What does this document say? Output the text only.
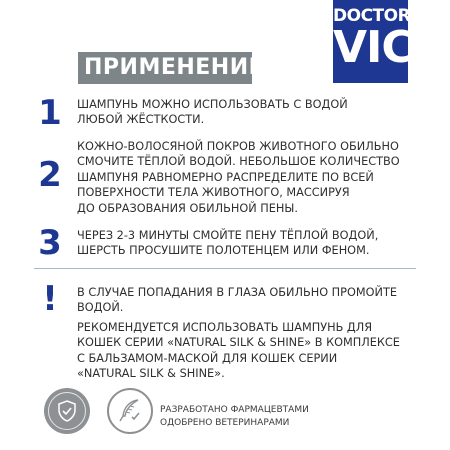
DOCTOR
VIC
ПРИМЕНЕНИЕ:
1 ШАМПУНЬ МОЖНО ИСПОЛЬЗОВАТЬ С ВОДОЙ
ЛЮБОЙ ЖЁСТКОСТИ.
2
КОЖНО-ВОЛОСЯНОЙ ПОКРОВ ЖИВОТНОГО ОБИЛЬНО
СМОЧИТЕ ТЁПЛОЙ ВОДОЙ. НЕБОЛЬШОЕ КОЛИЧЕСТВО
ШАМПУНЯ РАВНОМЕРНО РАСПРЕДЕЛИТЕ ПО ВСЕЙ
ПОВЕРХНОСТИ ТЕЛА ЖИВОТНОГО, МАССИРУЯ
ДО ОБРАЗОВАНИЯ ОБИЛЬНОЙ ПЕНЫ.
3 ЧЕРЕЗ 2-3 МИНУТЫ СМОЙТЕ ПЕНУ ТЁПЛОЙ ВОДОЙ,
ШЕРСТЬ ПРОСУШИТЕ ПОЛОТЕНЦЕМ ИЛИ ФЕНОМ.
!	В СЛУЧАЕ ПОПАДАНИЯ В ГЛАЗА ОБИЛЬНО ПРОМОЙТЕ
ВОДОЙ.
РЕКОМЕНДУЕТСЯ ИСПОЛЬЗОВАТЬ ШАМПУНЬ ДЛЯ
КОШЕК СЕРИИ «NATURAL SILK & SHINE» В КОМПЛЕКСЕ
С БАЛЬЗАМОМ-МАСКОЙ ДЛЯ КОШЕК СЕРИИ
«NATURAL SILK & SHINE».
РАЗРАБОТАНО ФАРМАЦЕВТАМИ
ОДОБРЕНО ВЕТЕРИНАРАМИ
